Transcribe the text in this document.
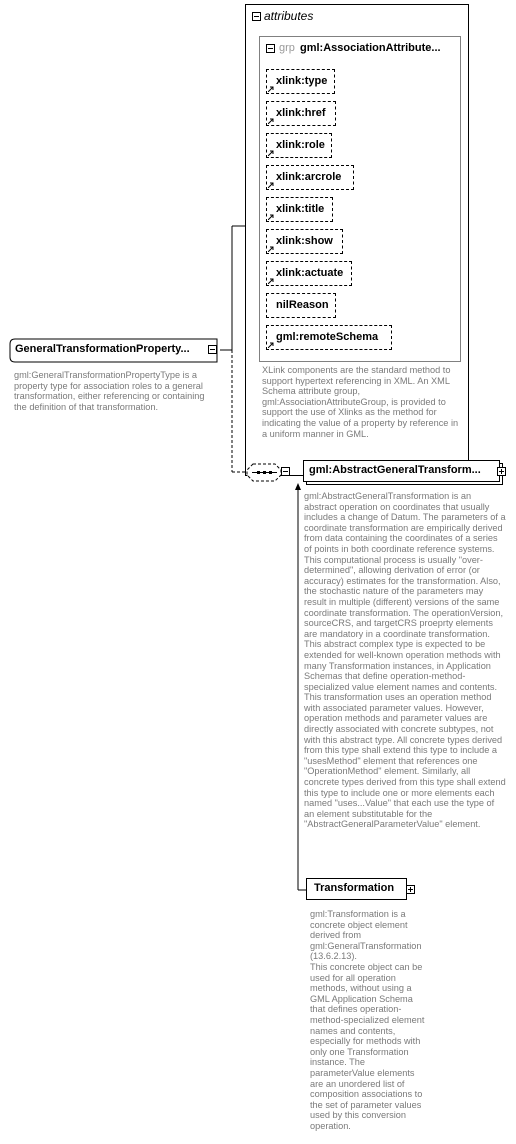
GeneralTransformationProperty...
gml:GeneralTransformationPropertyType is a property type for association roles to a general transformation, either referencing or containing the definition of that transformation.
attributes
grp gml:AssociationAttribute...
xlink:type
xlink:href
xlink:role
xlink:arcrole
xlink:title
xlink:show
xlink:actuate
nilReason
gml:remoteSchema
XLink components are the standard method to support hypertext referencing in XML. An XML Schema attribute group, gml:AssociationAttributeGroup, is provided to support the use of Xlinks as the method for indicating the value of a property by reference in a uniform manner in GML.
gml:AbstractGeneralTransform...
gml:AbstractGeneralTransformation is an abstract operation on coordinates that usually includes a change of Datum. The parameters of a coordinate transformation are empirically derived from data containing the coordinates of a series of points in both coordinate reference systems. This computational process is usually "over-determined", allowing derivation of error (or accuracy) estimates for the transformation. Also, the stochastic nature of the parameters may result in multiple (different) versions of the same coordinate transformation. The operationVersion, sourceCRS, and targetCRS proeprty elements are mandatory in a coordinate transformation.
This abstract complex type is expected to be extended for well-known operation methods with many Transformation instances, in Application Schemas that define operation-method-specialized value element names and contents. This transformation uses an operation method with associated parameter values. However, operation methods and parameter values are directly associated with concrete subtypes, not with this abstract type. All concrete types derived from this type shall extend this type to include a "usesMethod" element that references one "OperationMethod" element. Similarly, all concrete types derived from this type shall extend this type to include one or more elements each named "uses...Value" that each use the type of an element substitutable for the "AbstractGeneralParameterValue" element.
Transformation
gml:Transformation is a concrete object element derived from gml:GeneralTransformation (13.6.2.13).
This concrete object can be used for all operation methods, without using a GML Application Schema that defines operation-method-specialized element names and contents, especially for methods with only one Transformation instance. The parameterValue elements are an unordered list of composition associations to the set of parameter values used by this conversion operation.
